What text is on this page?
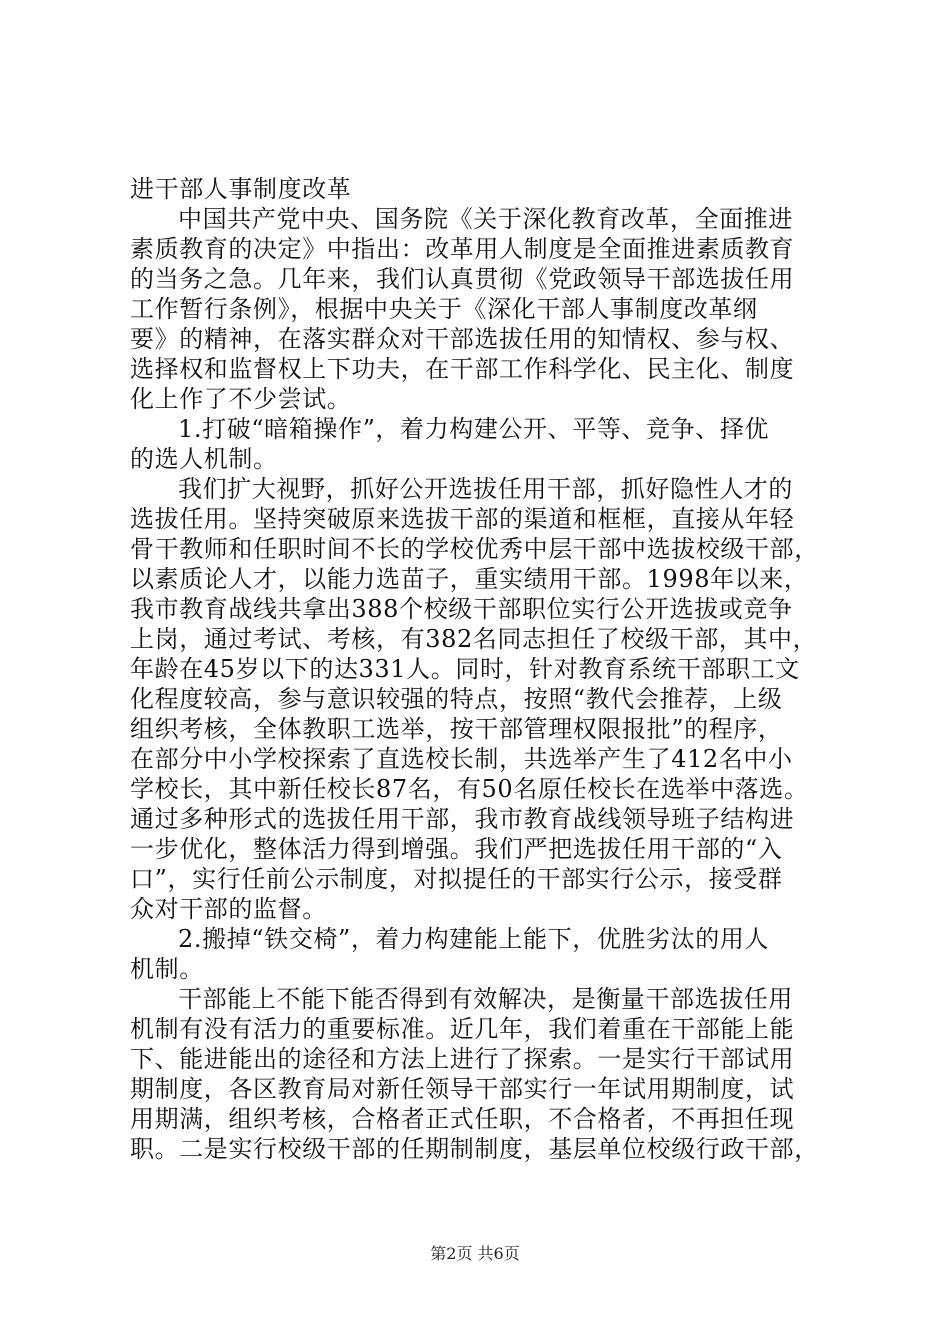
进干部人事制度改革
中国共产党中央、国务院《关于深化教育改革，全面推进
素质教育的决定》中指出：改革用人制度是全面推进素质教育
的当务之急。几年来，我们认真贯彻《党政领导干部选拔任用
工作暂行条例》，根据中央关于《深化干部人事制度改革纲
要》的精神，在落实群众对干部选拔任用的知情权、参与权、
选择权和监督权上下功夫，在干部工作科学化、民主化、制度
化上作了不少尝试。
1.打破“暗箱操作”，着力构建公开、平等、竞争、择优
的选人机制。
我们扩大视野，抓好公开选拔任用干部，抓好隐性人才的
选拔任用。坚持突破原来选拔干部的渠道和框框，直接从年轻
骨干教师和任职时间不长的学校优秀中层干部中选拔校级干部，
以素质论人才，以能力选苗子，重实绩用干部。1998年以来，
我市教育战线共拿出388个校级干部职位实行公开选拔或竞争
上岗，通过考试、考核，有382名同志担任了校级干部，其中，
年龄在45岁以下的达331人。同时，针对教育系统干部职工文
化程度较高，参与意识较强的特点，按照“教代会推荐，上级
组织考核，全体教职工选举，按干部管理权限报批”的程序，
在部分中小学校探索了直选校长制，共选举产生了412名中小
学校长，其中新任校长87名，有50名原任校长在选举中落选。
通过多种形式的选拔任用干部，我市教育战线领导班子结构进
一步优化，整体活力得到增强。我们严把选拔任用干部的“入
口”，实行任前公示制度，对拟提任的干部实行公示，接受群
众对干部的监督。
2.搬掉“铁交椅”，着力构建能上能下，优胜劣汰的用人
机制。
干部能上不能下能否得到有效解决，是衡量干部选拔任用
机制有没有活力的重要标准。近几年，我们着重在干部能上能
下、能进能出的途径和方法上进行了探索。一是实行干部试用
期制度，各区教育局对新任领导干部实行一年试用期制度，试
用期满，组织考核，合格者正式任职，不合格者，不再担任现
职。二是实行校级干部的任期制制度，基层单位校级行政干部，
第2页 共6页
